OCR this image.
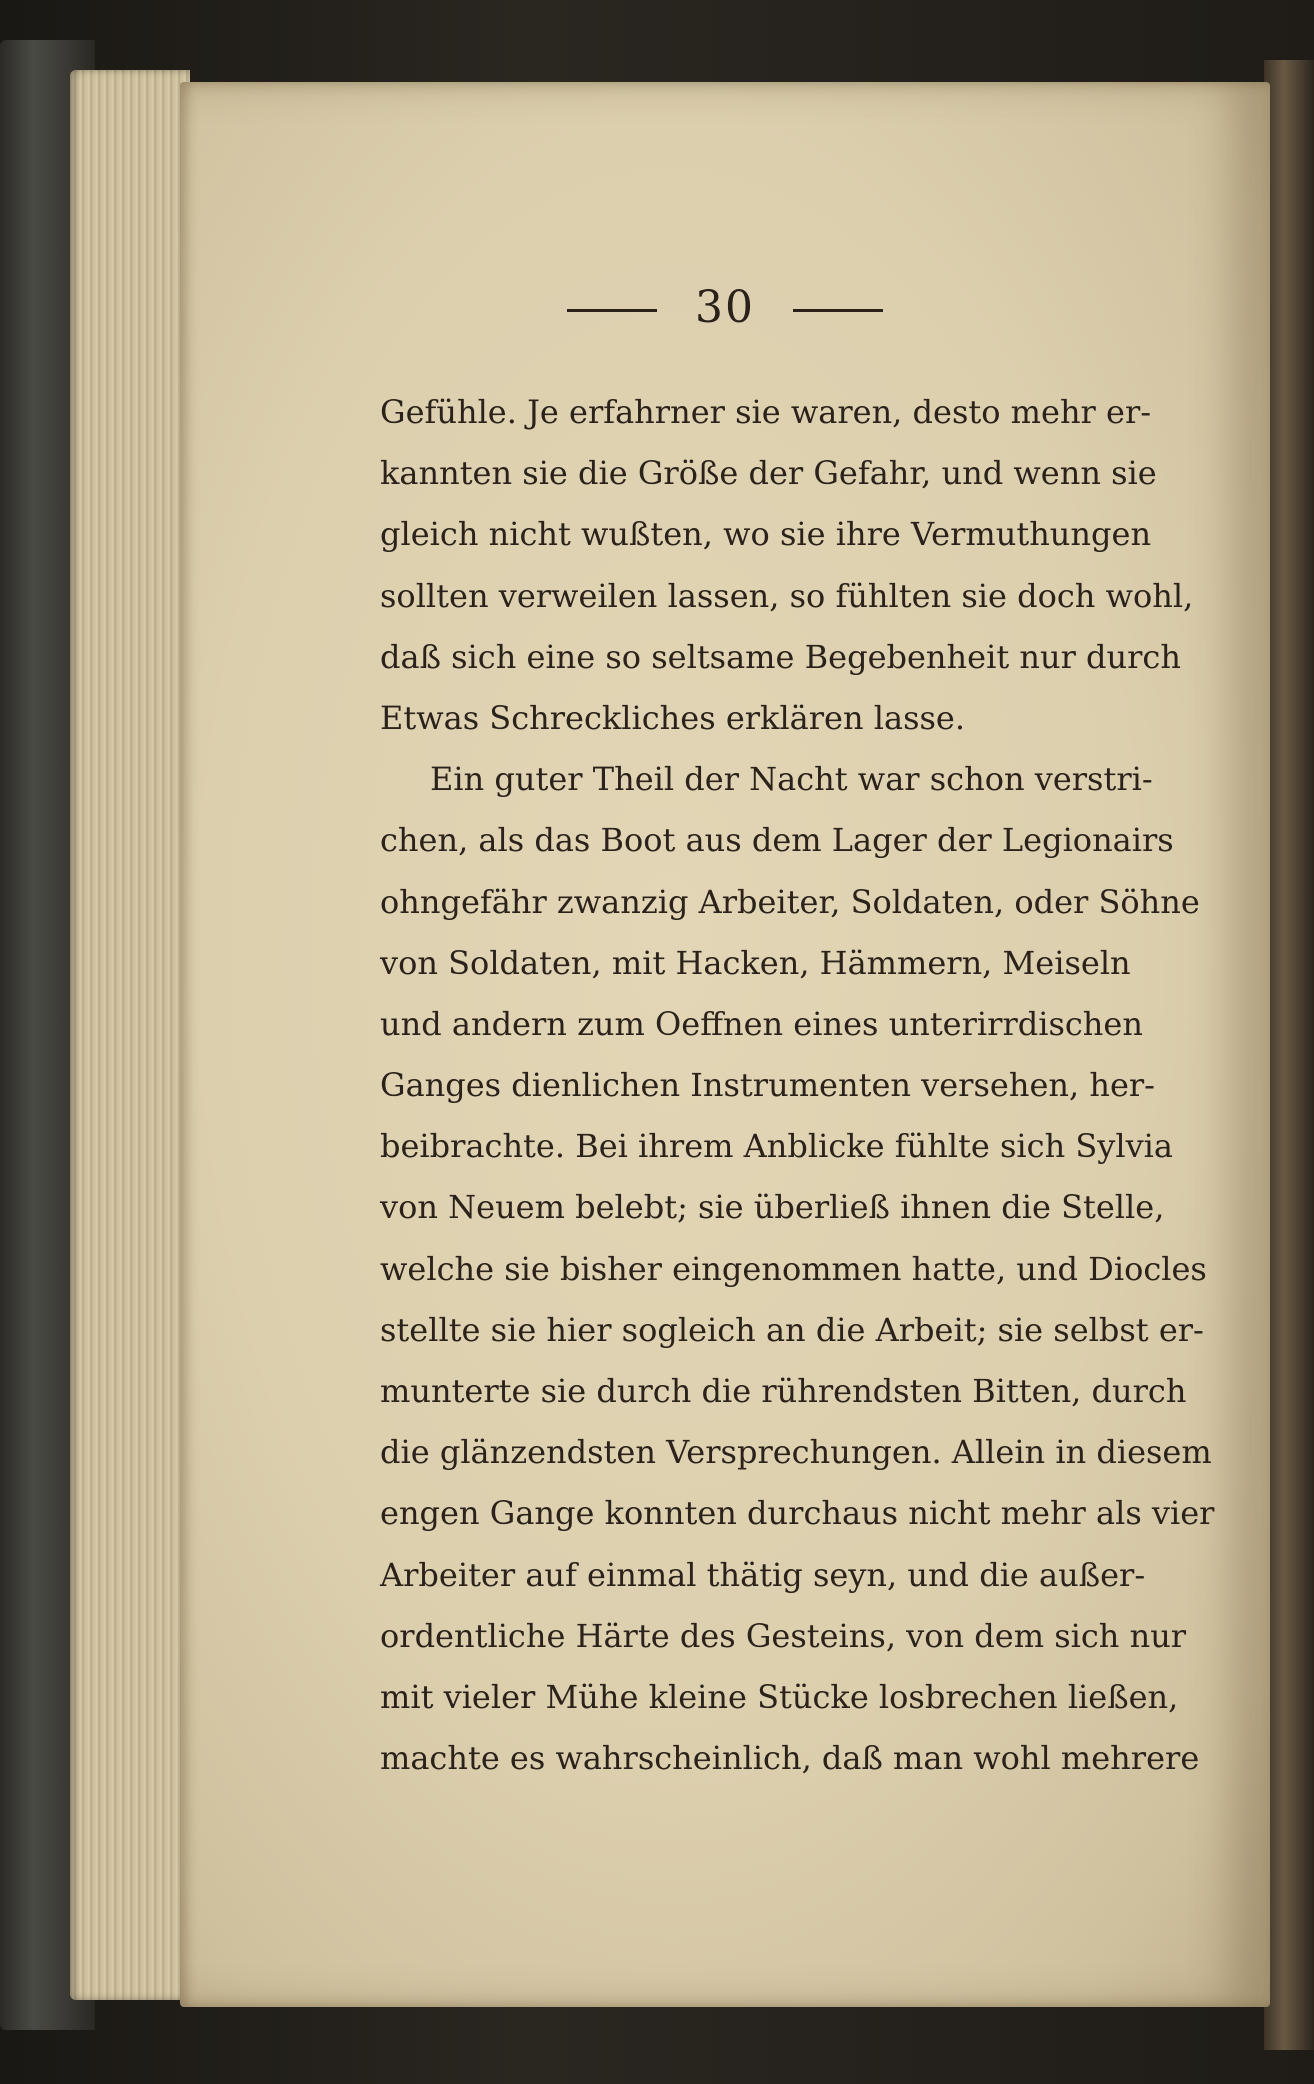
30
Gefühle. Je erfahrner sie waren, desto mehr er-
kannten sie die Größe der Gefahr, und wenn sie
gleich nicht wußten, wo sie ihre Vermuthungen
sollten verweilen lassen, so fühlten sie doch wohl,
daß sich eine so seltsame Begebenheit nur durch
Etwas Schreckliches erklären lasse.
Ein guter Theil der Nacht war schon verstri-
chen, als das Boot aus dem Lager der Legionairs
ohngefähr zwanzig Arbeiter, Soldaten, oder Söhne
von Soldaten, mit Hacken, Hämmern, Meiseln
und andern zum Oeffnen eines unterirrdischen
Ganges dienlichen Instrumenten versehen, her-
beibrachte. Bei ihrem Anblicke fühlte sich Sylvia
von Neuem belebt; sie überließ ihnen die Stelle,
welche sie bisher eingenommen hatte, und Diocles
stellte sie hier sogleich an die Arbeit; sie selbst er-
munterte sie durch die rührendsten Bitten, durch
die glänzendsten Versprechungen. Allein in diesem
engen Gange konnten durchaus nicht mehr als vier
Arbeiter auf einmal thätig seyn, und die außer-
ordentliche Härte des Gesteins, von dem sich nur
mit vieler Mühe kleine Stücke losbrechen ließen,
machte es wahrscheinlich, daß man wohl mehrere
